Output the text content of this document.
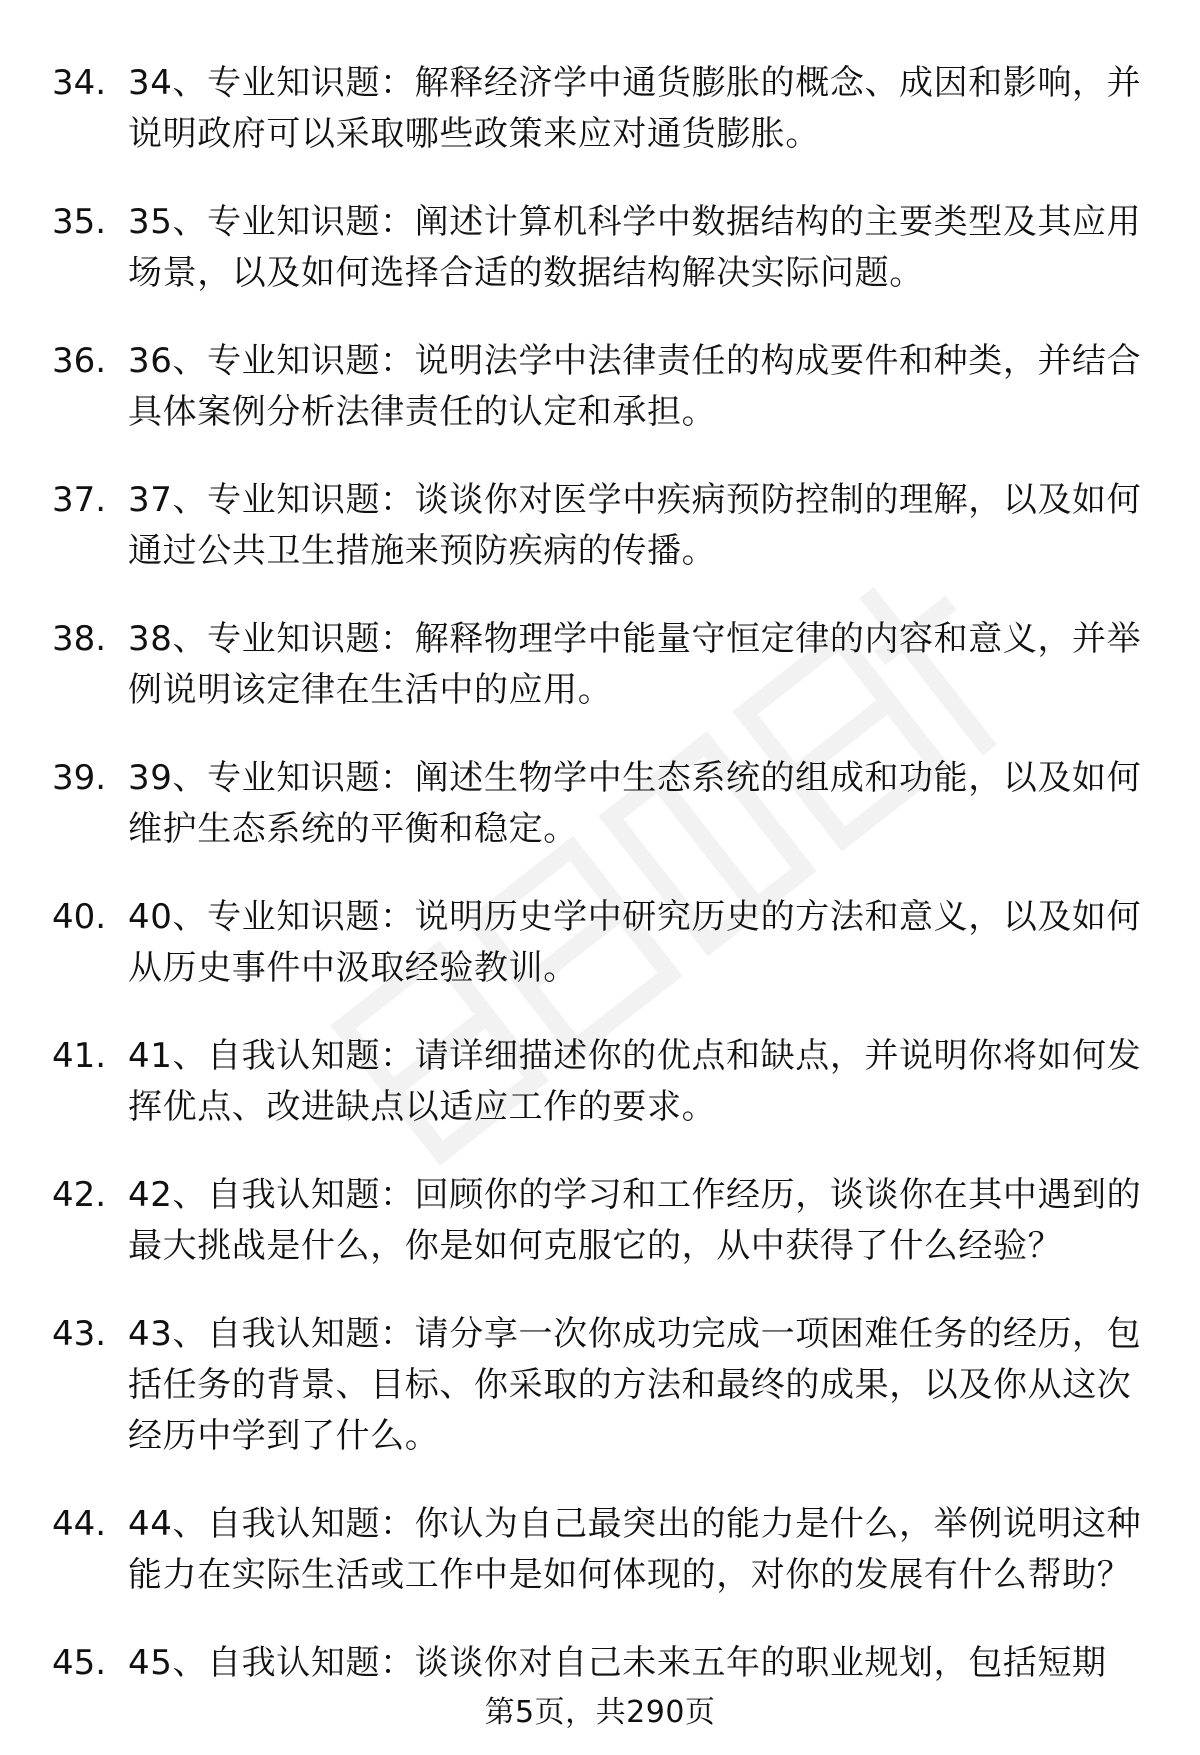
34. 34、专业知识题：解释经济学中通货膨胀的概念、成因和影响，并说明政府可以采取哪些政策来应对通货膨胀。
35. 35、专业知识题：阐述计算机科学中数据结构的主要类型及其应用场景，以及如何选择合适的数据结构解决实际问题。
36. 36、专业知识题：说明法学中法律责任的构成要件和种类，并结合具体案例分析法律责任的认定和承担。
37. 37、专业知识题：谈谈你对医学中疾病预防控制的理解，以及如何通过公共卫生措施来预防疾病的传播。
38. 38、专业知识题：解释物理学中能量守恒定律的内容和意义，并举例说明该定律在生活中的应用。
39. 39、专业知识题：阐述生物学中生态系统的组成和功能，以及如何维护生态系统的平衡和稳定。
40. 40、专业知识题：说明历史学中研究历史的方法和意义，以及如何从历史事件中汲取经验教训。
41. 41、自我认知题：请详细描述你的优点和缺点，并说明你将如何发挥优点、改进缺点以适应工作的要求。
42. 42、自我认知题：回顾你的学习和工作经历，谈谈你在其中遇到的最大挑战是什么，你是如何克服它的，从中获得了什么经验？
43. 43、自我认知题：请分享一次你成功完成一项困难任务的经历，包括任务的背景、目标、你采取的方法和最终的成果，以及你从这次经历中学到了什么。
44. 44、自我认知题：你认为自己最突出的能力是什么，举例说明这种能力在实际生活或工作中是如何体现的，对你的发展有什么帮助？
45. 45、自我认知题：谈谈你对自己未来五年的职业规划，包括短期
第5页，共290页
